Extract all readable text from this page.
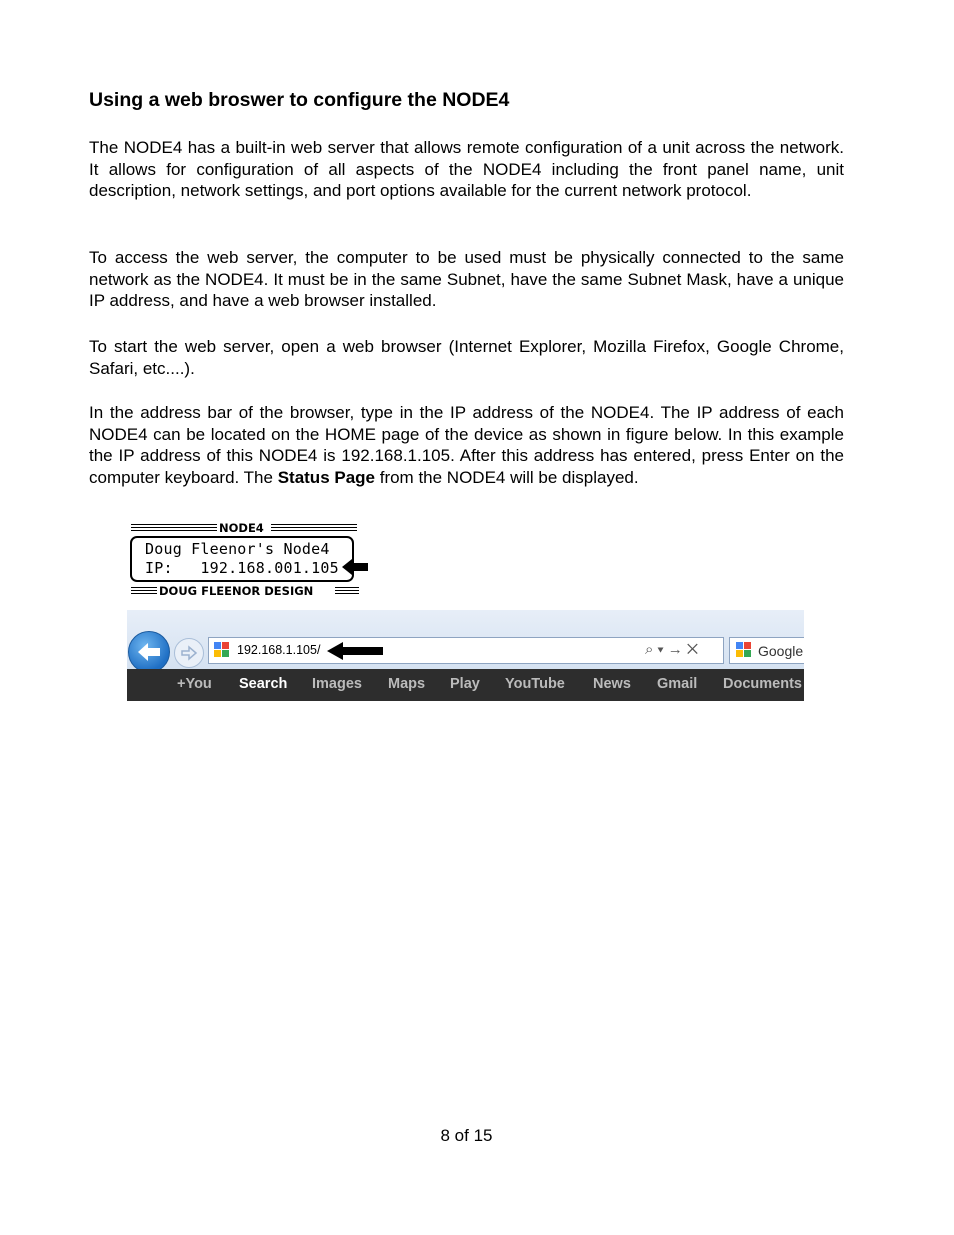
Using a web broswer to configure the NODE4

The NODE4 has a built-in web server that allows remote configuration of a unit across the network. It allows for configuration of all aspects of the NODE4 including the front panel name, unit description, network settings, and port options available for the current network protocol.

To access the web server, the computer to be used must be physically connected to the same network as the NODE4. It must be in the same Subnet, have the same Subnet Mask, have a unique IP address, and have a web browser installed.

To start the web server, open a web browser (Internet Explorer, Mozilla Firefox, Google Chrome, Safari, etc....).

In the address bar of the browser, type in the IP address of the NODE4. The IP address of each NODE4 can be located on the HOME page of the device as shown in figure below. In this example the IP address of this NODE4 is 192.168.1.105. After this address has entered, press Enter on the computer keyboard. The Status Page from the NODE4 will be displayed.

NODE4
Doug Fleenor's Node4
IP:   192.168.001.105
DOUG FLEENOR DESIGN
192.168.1.105/	⌕▾→✕	Google
+You Search Images Maps Play YouTube News Gmail Documents
8 of 15
